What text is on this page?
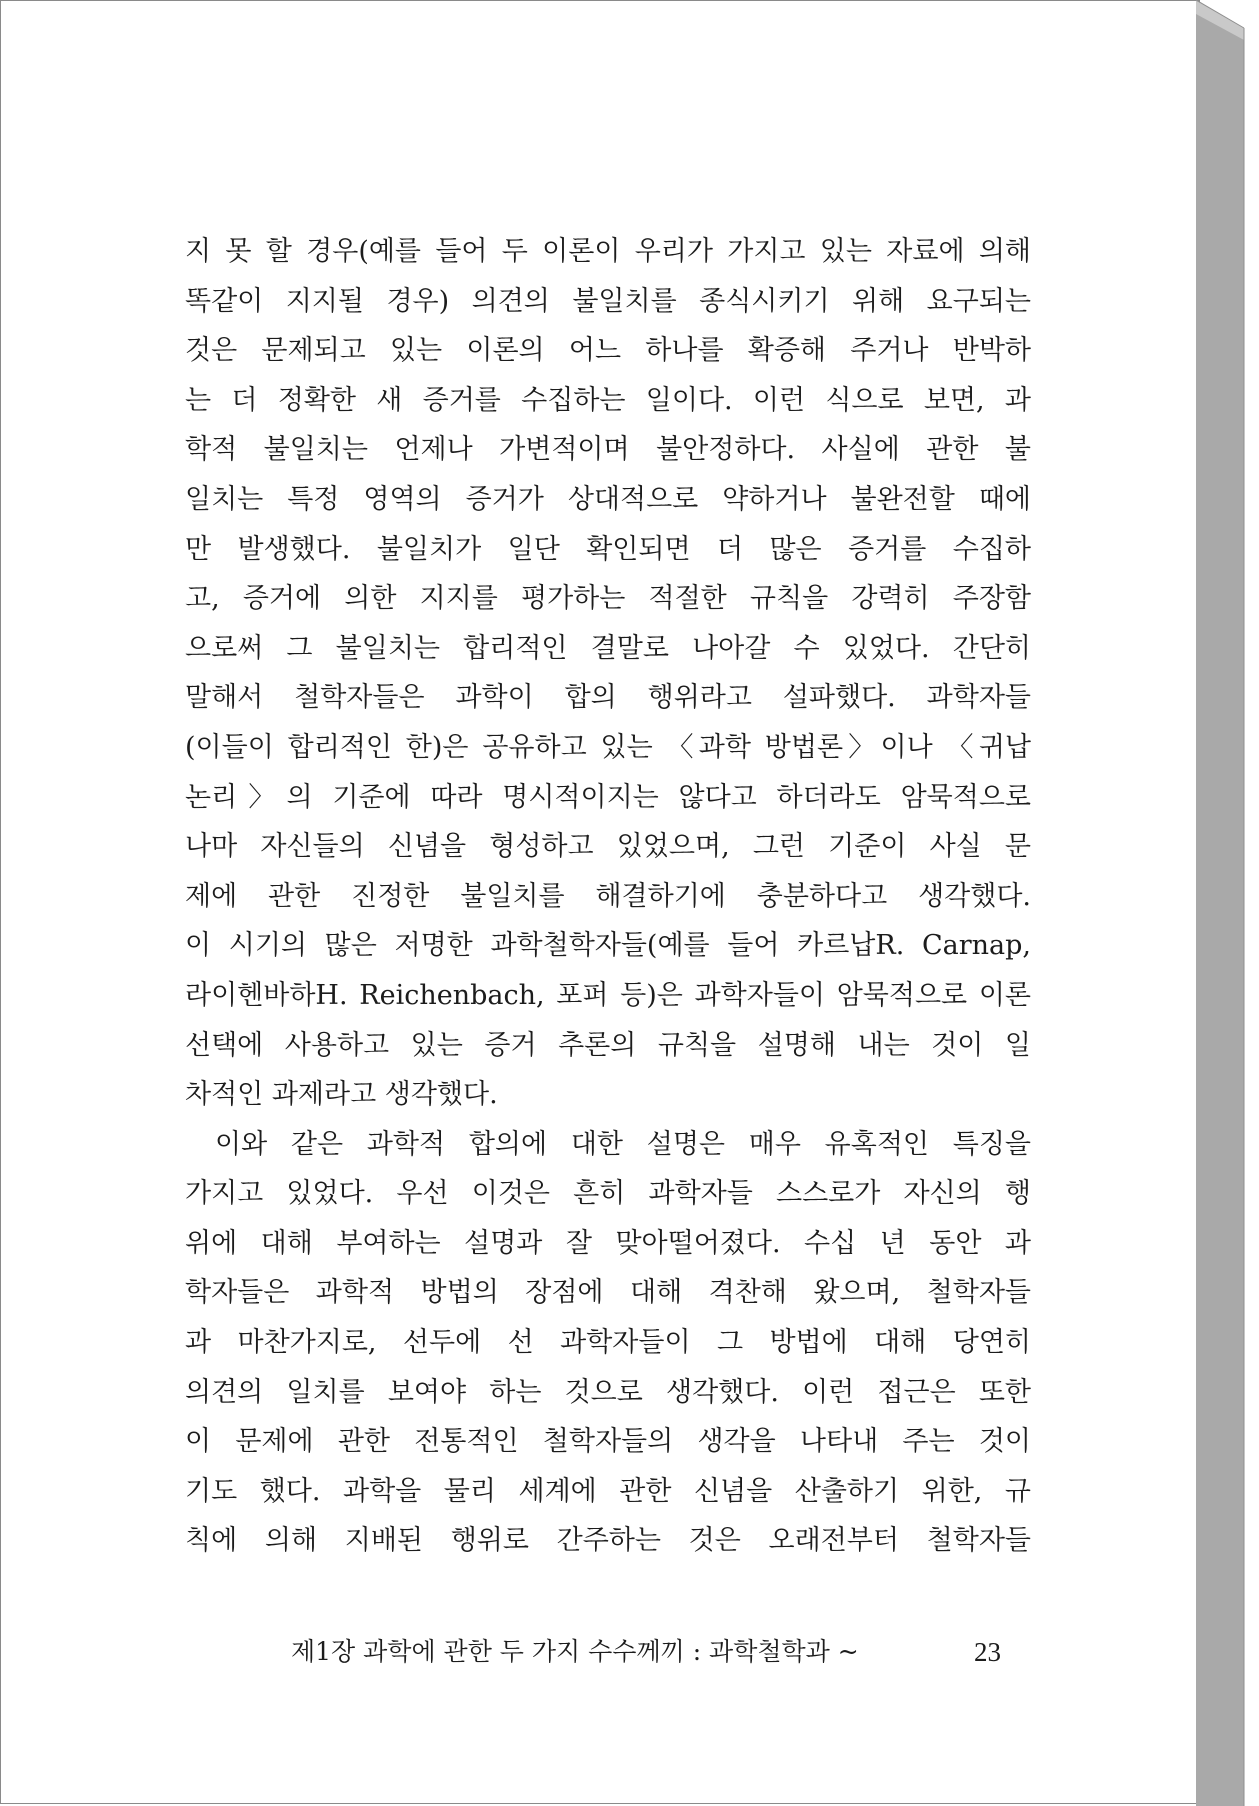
지 못 할 경우(예를 들어 두 이론이 우리가 가지고 있는 자료에 의해
똑같이 지지될 경우) 의견의 불일치를 종식시키기 위해 요구되는
것은 문제되고 있는 이론의 어느 하나를 확증해 주거나 반박하
는 더 정확한 새 증거를 수집하는 일이다. 이런 식으로 보면, 과
학적 불일치는 언제나 가변적이며 불안정하다. 사실에 관한 불
일치는 특정 영역의 증거가 상대적으로 약하거나 불완전할 때에
만 발생했다. 불일치가 일단 확인되면 더 많은 증거를 수집하
고, 증거에 의한 지지를 평가하는 적절한 규칙을 강력히 주장함
으로써 그 불일치는 합리적인 결말로 나아갈 수 있었다. 간단히
말해서 철학자들은 과학이 합의 행위라고 설파했다. 과학자들
(이들이 합리적인 한)은 공유하고 있는 〈과학 방법론〉이나 〈귀납
논리〉의 기준에 따라 명시적이지는 않다고 하더라도 암묵적으로
나마 자신들의 신념을 형성하고 있었으며, 그런 기준이 사실 문
제에 관한 진정한 불일치를 해결하기에 충분하다고 생각했다.
이 시기의 많은 저명한 과학철학자들(예를 들어 카르납R. Carnap,
라이헨바하H. Reichenbach, 포퍼 등)은 과학자들이 암묵적으로 이론
선택에 사용하고 있는 증거 추론의 규칙을 설명해 내는 것이 일
차적인 과제라고 생각했다.
이와 같은 과학적 합의에 대한 설명은 매우 유혹적인 특징을
가지고 있었다. 우선 이것은 흔히 과학자들 스스로가 자신의 행
위에 대해 부여하는 설명과 잘 맞아떨어졌다. 수십 년 동안 과
학자들은 과학적 방법의 장점에 대해 격찬해 왔으며, 철학자들
과 마찬가지로, 선두에 선 과학자들이 그 방법에 대해 당연히
의견의 일치를 보여야 하는 것으로 생각했다. 이런 접근은 또한
이 문제에 관한 전통적인 철학자들의 생각을 나타내 주는 것이
기도 했다. 과학을 물리 세계에 관한 신념을 산출하기 위한, 규
칙에 의해 지배된 행위로 간주하는 것은 오래전부터 철학자들
제1장 과학에 관한 두 가지 수수께끼 : 과학철학과 ~	23
